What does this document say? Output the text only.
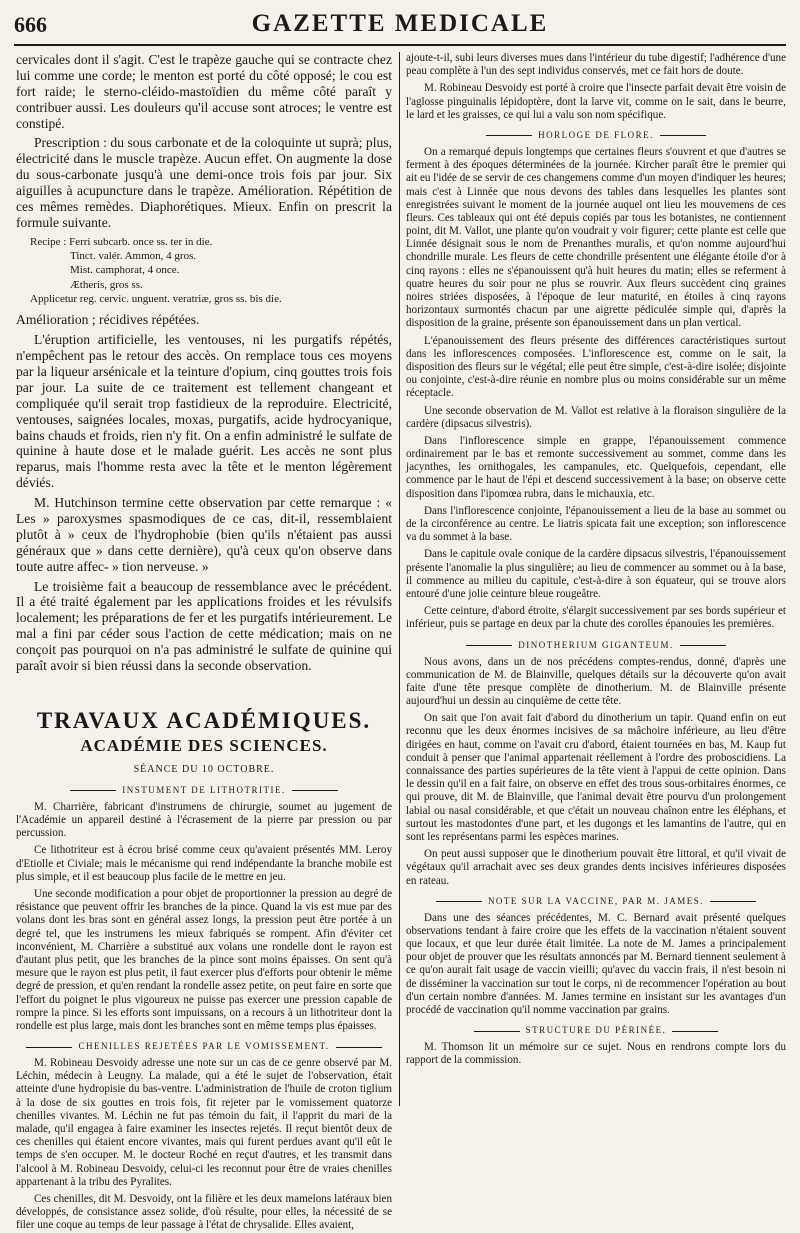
666	GAZETTE MEDICALE

cervicales dont il s'agit. C'est le trapèze gauche qui se contracte chez lui comme une corde; le menton est porté du côté opposé; le cou est fort raide; le sterno-cléido-mastoïdien du même côté paraît y contribuer aussi. Les douleurs qu'il accuse sont atroces; le ventre est constipé.

Prescription : du sous carbonate et de la coloquinte ut suprà; plus, électricité dans le muscle trapèze. Aucun effet. On augmente la dose du sous-carbonate jusqu'à une demi-once trois fois par jour. Six aiguilles à acupuncture dans le trapèze. Amélioration. Répétition de ces mêmes remèdes. Diaphorétiques. Mieux. Enfin on prescrit la formule suivante.

Recipe : Ferri subcarb. once ss. ter in die.
Tinct. valér. Ammon, 4 gros.
Mist. camphorat, 4 once.
Ætheris, gros ss.
Applicetur reg. cervic. unguent. veratriæ, gros ss. bis die.

Amélioration ; récidives répétées.

L'éruption artificielle, les ventouses, ni les purgatifs répétés, n'empêchent pas le retour des accès. On remplace tous ces moyens par la liqueur arsénicale et la teinture d'opium, cinq gouttes trois fois par jour. La suite de ce traitement est tellement changeant et compliquée qu'il serait trop fastidieux de la reproduire. Electricité, ventouses, saignées locales, moxas, purgatifs, acide hydrocyanique, bains chauds et froids, rien n'y fit. On a enfin administré le sulfate de quinine à haute dose et le malade guérit. Les accès ne sont plus reparus, mais l'homme resta avec la tête et le menton légèrement déviés.

M. Hutchinson termine cette observation par cette remarque : « Les » paroxysmes spasmodiques de ce cas, dit-il, ressemblaient plutôt à » ceux de l'hydrophobie (bien qu'ils n'étaient pas aussi généraux que » dans cette dernière), qu'à ceux qu'on observe dans toute autre affec- » tion nerveuse. »

Le troisième fait a beaucoup de ressemblance avec le précédent. Il a été traité également par les applications froides et les révulsifs localement; les préparations de fer et les purgatifs intérieurement. Le mal a fini par céder sous l'action de cette médication; mais on ne conçoit pas pourquoi on n'a pas administré le sulfate de quinine qui paraît avoir si bien réussi dans la seconde observation.

TRAVAUX ACADÉMIQUES.
ACADÉMIE DES SCIENCES.
SÉANCE DU 10 OCTOBRE.
INSTUMENT DE LITHOTRITIE.

M. Charrière, fabricant d'instrumens de chirurgie, soumet au jugement de l'Académie un appareil destiné à l'écrasement de la pierre par pression ou par percussion.

Ce lithotriteur est à écrou brisé comme ceux qu'avaient présentés MM. Leroy d'Etiolle et Civiale; mais le mécanisme qui rend indépendante la branche mobile est plus simple, et il est beaucoup plus facile de le mettre en jeu.

Une seconde modification a pour objet de proportionner la pression au degré de résistance que peuvent offrir les branches de la pince. Quand la vis est mue par des volans dont les bras sont en général assez longs, la pression peut être portée à un degré tel, que les instrumens les mieux fabriqués se rompent. Afin d'éviter cet inconvénient, M. Charrière a substitué aux volans une rondelle dont le rayon est d'autant plus petit, que les branches de la pince sont moins épaisses. On sent qu'à mesure que le rayon est plus petit, il faut exercer plus d'efforts pour obtenir le même degré de pression, et qu'en rendant la rondelle assez petite, on peut faire en sorte que l'effort du poignet le plus vigoureux ne puisse pas exercer une pression capable de rompre la pince. Si les efforts sont impuissans, on a recours à un lithotriteur dont la rondelle est plus large, mais dont les branches sont en même temps plus épaisses.

CHENILLES REJETÉES PAR LE VOMISSEMENT.

M. Robineau Desvoidy adresse une note sur un cas de ce genre observé par M. Léchin, médecin à Leugny. La malade, qui a été le sujet de l'observation, était atteinte d'une hydropisie du bas-ventre. L'administration de l'huile de croton tiglium à la dose de six gouttes en trois fois, fit rejeter par le vomissement quatorze chenilles vivantes. M. Léchin ne fut pas témoin du fait, il l'apprit du mari de la malade, qu'il engagea à faire examiner les insectes rejetés. Il reçut bientôt deux de ces chenilles qui étaient encore vivantes, mais qui furent perdues avant qu'il eût le temps de s'en occuper. M. le docteur Roché en reçut d'autres, et les transmit dans l'alcool à M. Robineau Desvoidy, celui-ci les reconnut pour être de vraies chenilles appartenant à la tribu des Pyralites.

Ces chenilles, dit M. Desvoidy, ont la filière et les deux mamelons latéraux bien développés, de consistance assez solide, d'où résulte, pour elles, la nécessité de se filer une coque au temps de leur passage à l'état de chrysalide. Elles avaient,

ajoute-t-il, subi leurs diverses mues dans l'intérieur du tube digestif; l'adhérence d'une peau complète à l'un des sept individus conservés, met ce fait hors de doute.

M. Robineau Desvoidy est porté à croire que l'insecte parfait devait être voisin de l'aglosse pinguinalis lépidoptère, dont la larve vit, comme on le sait, dans le beurre, le lard et les graisses, ce qui lui a valu son nom spécifique.

HORLOGE DE FLORE.

On a remarqué depuis longtemps que certaines fleurs s'ouvrent et que d'autres se ferment à des époques déterminées de la journée. Kircher paraît être le premier qui ait eu l'idée de se servir de ces changemens comme d'un moyen d'indiquer les heures; mais c'est à Linnée que nous devons des tables dans lesquelles les plantes sont enregistrées suivant le moment de la journée auquel ont lieu les mouvemens de ces fleurs. Ces tableaux qui ont été depuis copiés par tous les botanistes, ne contiennent point, dit M. Vallot, une plante qu'on voudrait y voir figurer; cette plante est celle que Linnée désignait sous le nom de Prenanthes muralis, et qu'on nomme aujourd'hui chondrille murale. Les fleurs de cette chondrille présentent une élégante étoile d'or à cinq rayons : elles ne s'épanouissent qu'à huit heures du matin; elles se referment à quatre heures du soir pour ne plus se rouvrir. Aux fleurs succèdent cinq graines noires striées disposées, à l'époque de leur maturité, en étoiles à cinq rayons horizontaux surmontés chacun par une aigrette pédiculée simple qui, d'après la disposition de la graine, présente son épanouissement dans un plan vertical.

L'épanouissement des fleurs présente des différences caractéristiques surtout dans les inflorescences composées. L'inflorescence est, comme on le sait, la disposition des fleurs sur le végétal; elle peut être simple, c'est-à-dire isolée; disjointe ou conjointe, c'est-à-dire réunie en nombre plus ou moins considérable sur un même réceptacle.

Une seconde observation de M. Vallot est relative à la floraison singulière de la cardère (dipsacus silvestris).

Dans l'inflorescence simple en grappe, l'épanouissement commence ordinairement par le bas et remonte successivement au sommet, comme dans les jacynthes, les ornithogales, les campanules, etc. Quelquefois, cependant, elle commence par le haut de l'épi et descend successivement à la base; on observe cette disposition dans l'ipomœa rubra, dans le michauxia, etc.

Dans l'inflorescence conjointe, l'épanouissement a lieu de la base au sommet ou de la circonférence au centre. Le liatris spicata fait une exception; son inflorescence va du sommet à la base.

Dans le capitule ovale conique de la cardère dipsacus silvestris, l'épanouissement présente l'anomalie la plus singulière; au lieu de commencer au sommet ou à la base, il commence au milieu du capitule, c'est-à-dire à son équateur, qui se trouve alors entouré d'une jolie ceinture bleue rougeâtre.

Cette ceinture, d'abord étroite, s'élargit successivement par ses bords supérieur et inférieur, puis se partage en deux par la chute des corolles épanouies les premières.

DINOTHERIUM GIGANTEUM.

Nous avons, dans un de nos précédens comptes-rendus, donné, d'après une communication de M. de Blainville, quelques détails sur la découverte qu'on avait faite d'une tête presque complète de dinotherium. M. de Blainville présente aujourd'hui un dessin au cinquième de cette tête.

On sait que l'on avait fait d'abord du dinotherium un tapir. Quand enfin on eut reconnu que les deux énormes incisives de sa mâchoire inférieure, au lieu d'être dirigées en haut, comme on l'avait cru d'abord, étaient tournées en bas, M. Kaup fut conduit à penser que l'animal appartenait réellement à l'ordre des proboscidiens. La connaissance des parties supérieures de la tête vient à l'appui de cette opinion. Dans le dessin qu'il en a fait faire, on observe en effet des trous sous-orbitaires énormes, ce qui prouve, dit M. de Blainville, que l'animal devait être pourvu d'un prolongement labial ou nasal considérable, et que c'était un nouveau chaînon entre les éléphans, et surtout les mastodontes d'une part, et les dugongs et les lamantins de l'autre, qui en sont les représentans parmi les espèces marines.

On peut aussi supposer que le dinotherium pouvait être littoral, et qu'il vivait de végétaux qu'il arrachait avec ses deux grandes dents incisives inférieures disposées en rateau.

NOTE SUR LA VACCINE, PAR M. JAMES.

Dans une des séances précédentes, M. C. Bernard avait présenté quelques observations tendant à faire croire que les effets de la vaccination n'étaient souvent que locaux, et que leur durée était limitée. La note de M. James a principalement pour objet de prouver que les résultats annoncés par M. Bernard tiennent seulement à ce qu'on aurait fait usage de vaccin vieilli; qu'avec du vaccin frais, il n'est besoin ni de disséminer la vaccination sur tout le corps, ni de recommencer l'opération au bout d'un certain nombre d'années. M. James termine en insistant sur les avantages d'un procédé de vaccination qu'il nomme vaccination par grains.

STRUCTURE DU PÉRINÉE.

M. Thomson lit un mémoire sur ce sujet. Nous en rendrons compte lors du rapport de la commission.
